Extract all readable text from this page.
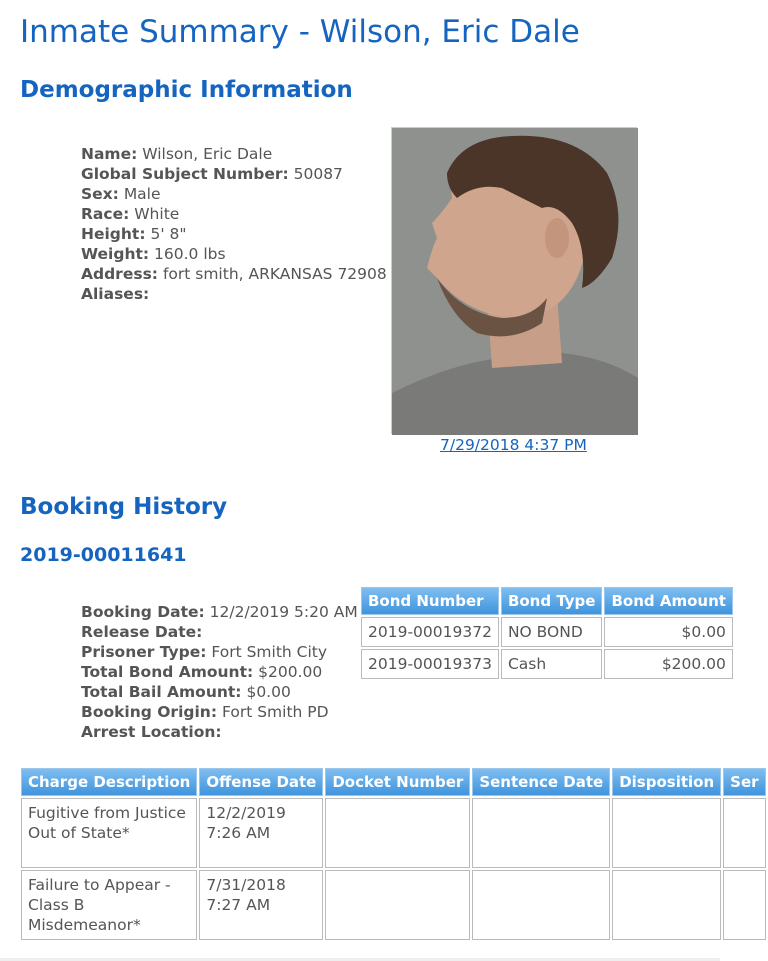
Inmate Summary - Wilson, Eric Dale
Demographic Information
Name: Wilson, Eric Dale
Global Subject Number: 50087
Sex: Male
Race: White
Height: 5' 8"
Weight: 160.0 lbs
Address: fort smith, ARKANSAS 72908
Aliases:
7/29/2018 4:37 PM
Booking History
2019-00011641
Booking Date: 12/2/2019 5:20 AM
Release Date:
Prisoner Type: Fort Smith City
Total Bond Amount: $200.00
Total Bail Amount: $0.00
Booking Origin: Fort Smith PD
Arrest Location:
Bond Number	Bond Type	Bond Amount
2019-00019372	NO BOND	$0.00
2019-00019373	Cash	$200.00
Charge Description	Offense Date	Docket Number	Sentence Date	Disposition	Ser
Fugitive from Justice Out of State*	12/2/2019 7:26 AM				
Failure to Appear - Class B Misdemeanor*	7/31/2018 7:27 AM				
